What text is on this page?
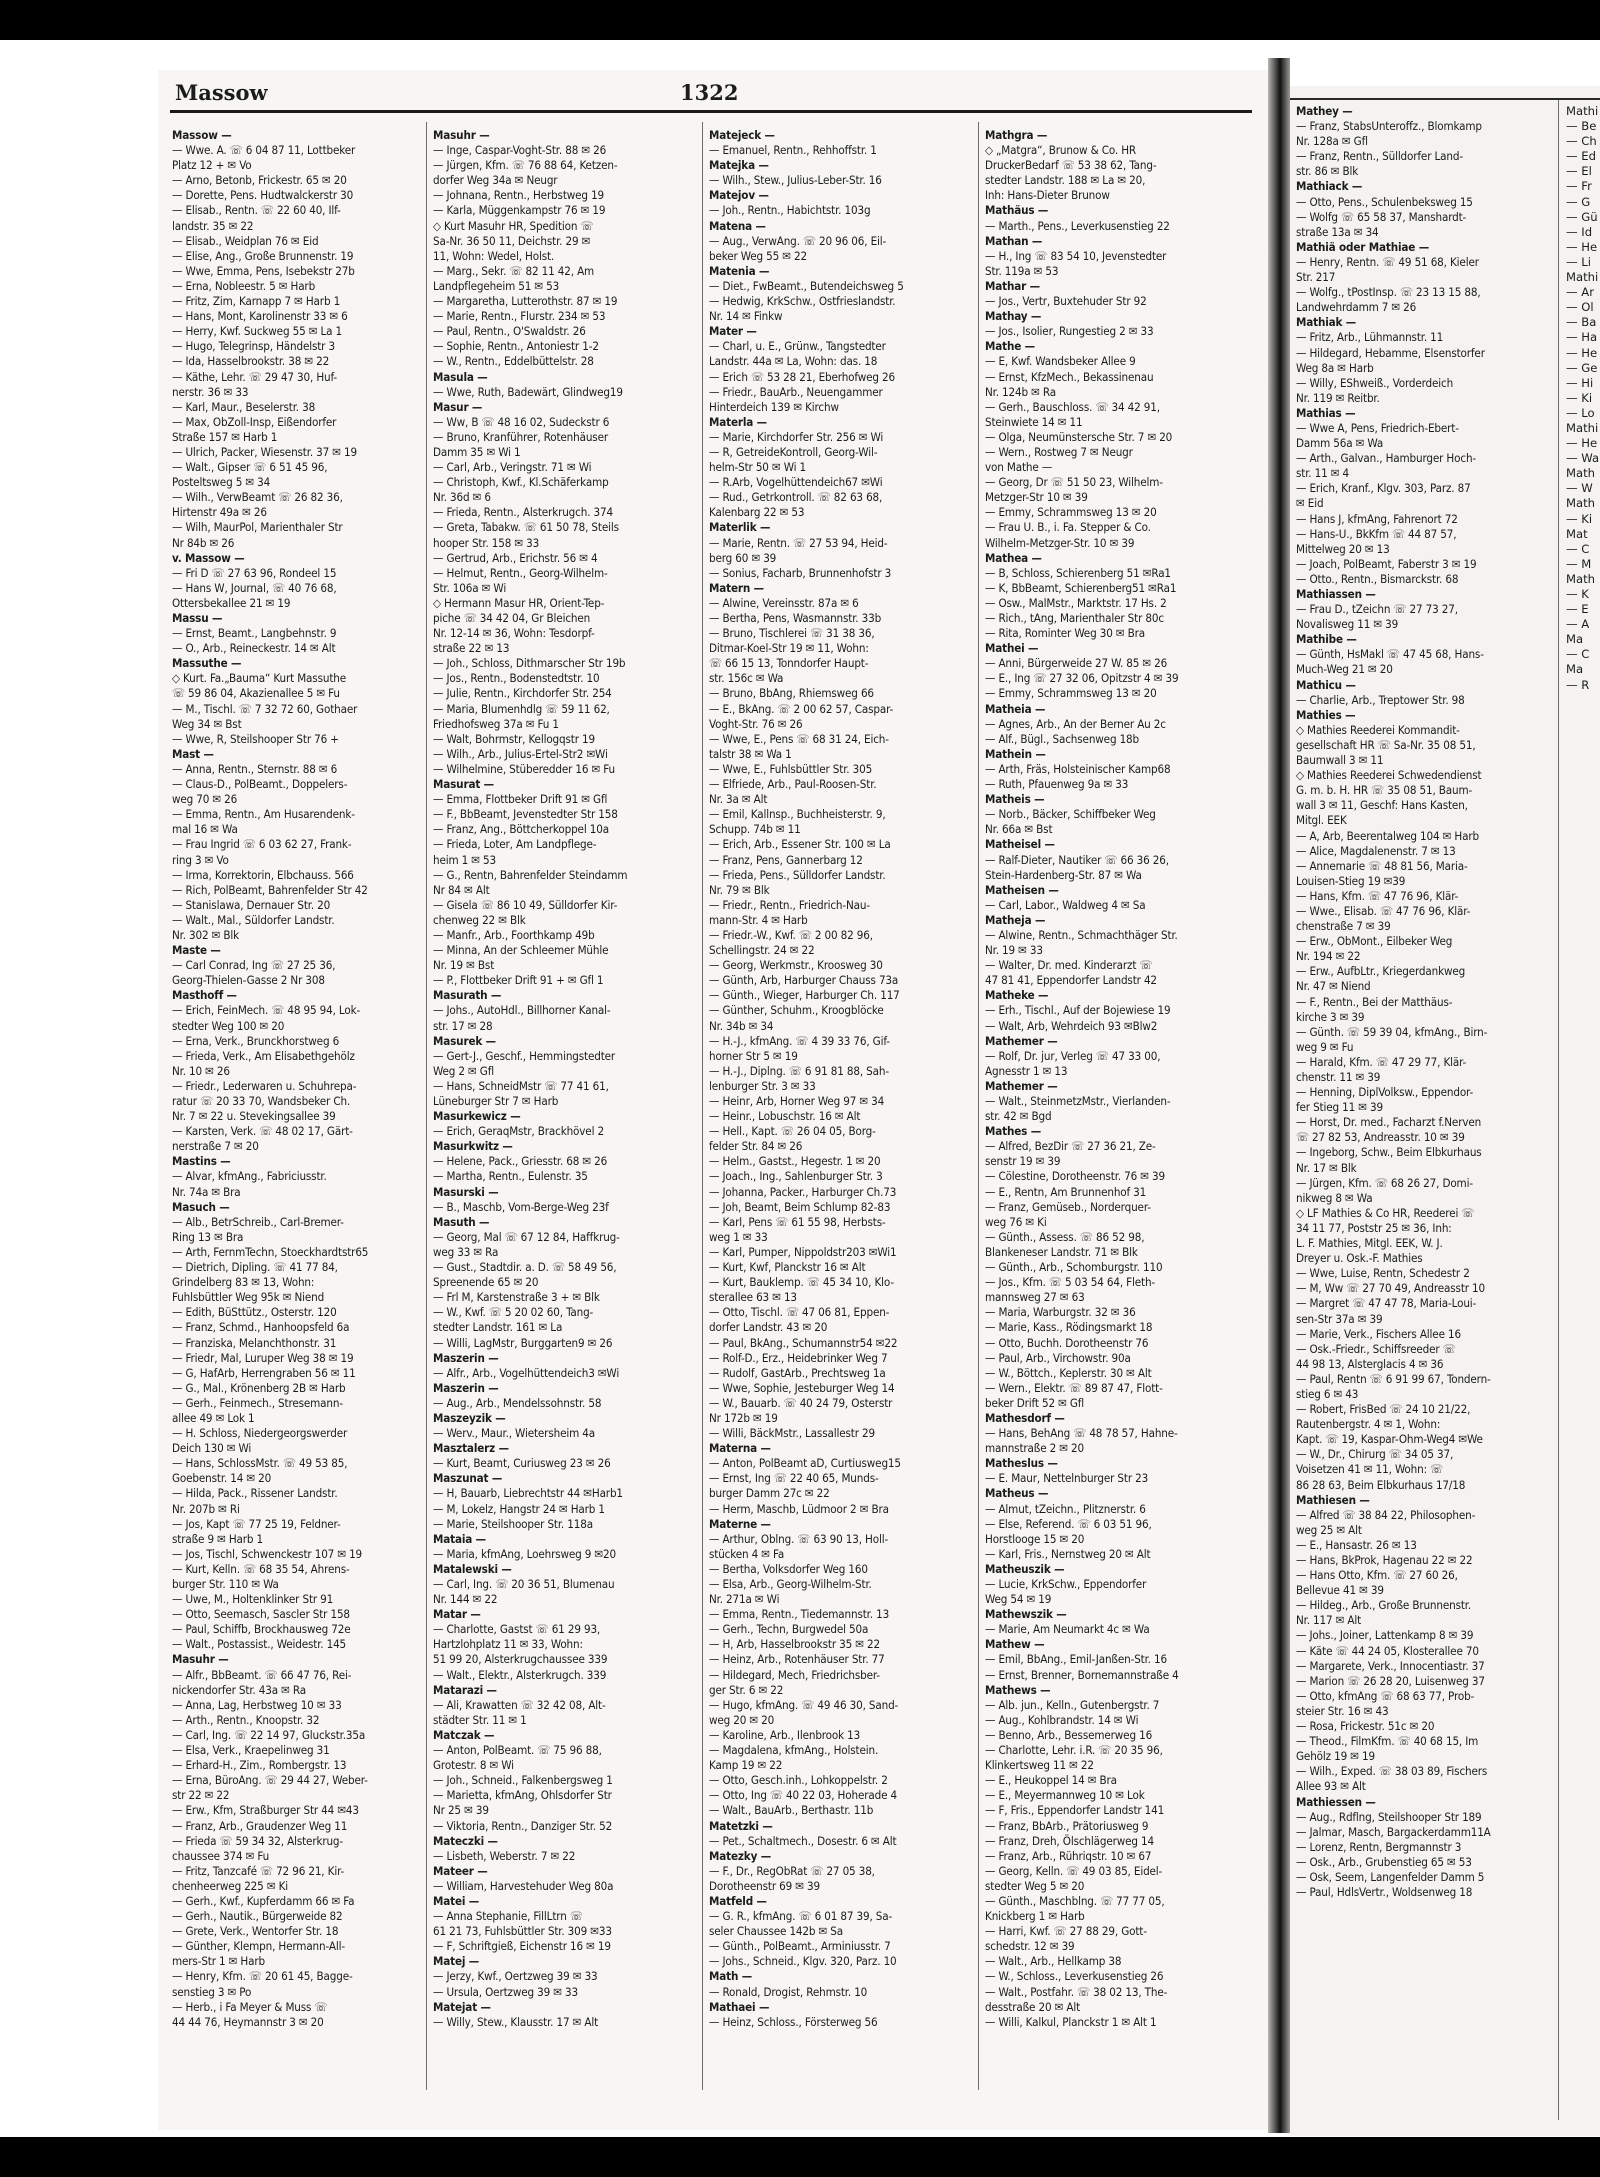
Massow	1322
Massow —
— Wwe. A. ☏ 6 04 87 11, Lottbeker
Platz 12 + ✉ Vo
— Arno, Betonb, Frickestr. 65 ✉ 20
— Dorette, Pens. Hudtwalckerstr 30
— Elisab., Rentn. ☏ 22 60 40, Ilf-
landstr. 35 ✉ 22
— Elisab., Weidplan 76 ✉ Eid
— Elise, Ang., Große Brunnenstr. 19
— Wwe, Emma, Pens, Isebekstr 27b
— Erna, Nobleestr. 5 ✉ Harb
— Fritz, Zim, Karnapp 7 ✉ Harb 1
— Hans, Mont, Karolinenstr 33 ✉ 6
— Herry, Kwf. Suckweg 55 ✉ La 1
— Hugo, Telegrinsp, Händelstr 3
— Ida, Hasselbrookstr. 38 ✉ 22
— Käthe, Lehr. ☏ 29 47 30, Huf-
nerstr. 36 ✉ 33
— Karl, Maur., Beselerstr. 38
— Max, ObZoll-Insp, Eißendorfer
Straße 157 ✉ Harb 1
— Ulrich, Packer, Wiesenstr. 37 ✉ 19
— Walt., Gipser ☏ 6 51 45 96,
Posteltsweg 5 ✉ 34
— Wilh., VerwBeamt ☏ 26 82 36,
Hirtenstr 49a ✉ 26
— Wilh, MaurPol, Marienthaler Str
Nr 84b ✉ 26
v. Massow —
— Fri D ☏ 27 63 96, Rondeel 15
— Hans W, Journal, ☏ 40 76 68,
Ottersbekallee 21 ✉ 19
Massu —
— Ernst, Beamt., Langbehnstr. 9
— O., Arb., Reineckestr. 14 ✉ Alt
Massuthe —
◇ Kurt. Fa.„Bauma“ Kurt Massuthe
☏ 59 86 04, Akazienallee 5 ✉ Fu
— M., Tischl. ☏ 7 32 72 60, Gothaer
Weg 34 ✉ Bst
— Wwe, R, Steilshooper Str 76 +
Mast —
— Anna, Rentn., Sternstr. 88 ✉ 6
— Claus-D., PolBeamt., Doppelers-
weg 70 ✉ 26
— Emma, Rentn., Am Husarendenk-
mal 16 ✉ Wa
— Frau Ingrid ☏ 6 03 62 27, Frank-
ring 3 ✉ Vo
— Irma, Korrektorin, Elbchauss. 566
— Rich, PolBeamt, Bahrenfelder Str 42
— Stanislawa, Dernauer Str. 20
— Walt., Mal., Süldorfer Landstr.
Nr. 302 ✉ Blk
Maste —
— Carl Conrad, Ing ☏ 27 25 36,
Georg-Thielen-Gasse 2 Nr 308
Masthoff —
— Erich, FeinMech. ☏ 48 95 94, Lok-
stedter Weg 100 ✉ 20
— Erna, Verk., Brunckhorstweg 6
— Frieda, Verk., Am Elisabethgehölz
Nr. 10 ✉ 26
— Friedr., Lederwaren u. Schuhrepa-
ratur ☏ 20 33 70, Wandsbeker Ch.
Nr. 7 ✉ 22 u. Stevekingsallee 39
— Karsten, Verk. ☏ 48 02 17, Gärt-
nerstraße 7 ✉ 20
Mastins —
— Alvar, kfmAng., Fabriciusstr.
Nr. 74a ✉ Bra
Masuch —
— Alb., BetrSchreib., Carl-Bremer-
Ring 13 ✉ Bra
— Arth, FernmTechn, Stoeckhardtstr65
— Dietrich, Dipling. ☏ 41 77 84,
Grindelberg 83 ✉ 13, Wohn:
Fuhlsbüttler Weg 95k ✉ Niend
— Edith, BüSttütz., Osterstr. 120
— Franz, Schmd., Hanhoopsfeld 6a
— Franziska, Melanchthonstr. 31
— Friedr, Mal, Luruper Weg 38 ✉ 19
— G, HafArb, Herrengraben 56 ✉ 11
— G., Mal., Krönenberg 2B ✉ Harb
— Gerh., Feinmech., Stresemann-
allee 49 ✉ Lok 1
— H. Schloss, Niedergeorgswerder
Deich 130 ✉ Wi
— Hans, SchlossMstr. ☏ 49 53 85,
Goebenstr. 14 ✉ 20
— Hilda, Pack., Rissener Landstr.
Nr. 207b ✉ Ri
— Jos, Kapt ☏ 77 25 19, Feldner-
straße 9 ✉ Harb 1
— Jos, Tischl, Schwenckestr 107 ✉ 19
— Kurt, Kelln. ☏ 68 35 54, Ahrens-
burger Str. 110 ✉ Wa
— Uwe, M., Holtenklinker Str 91
— Otto, Seemasch, Sascler Str 158
— Paul, Schiffb, Brockhausweg 72e
— Walt., Postassist., Weidestr. 145
Masuhr —
— Alfr., BbBeamt. ☏ 66 47 76, Rei-
nickendorfer Str. 43a ✉ Ra
— Anna, Lag, Herbstweg 10 ✉ 33
— Arth., Rentn., Knoopstr. 32
— Carl, Ing. ☏ 22 14 97, Gluckstr.35a
— Elsa, Verk., Kraepelinweg 31
— Erhard-H., Zim., Rombergstr. 13
— Erna, BüroAng. ☏ 29 44 27, Weber-
str 22 ✉ 22
— Erw., Kfm, Straßburger Str 44 ✉43
— Franz, Arb., Graudenzer Weg 11
— Frieda ☏ 59 34 32, Alsterkrug-
chaussee 374 ✉ Fu
— Fritz, Tanzcafé ☏ 72 96 21, Kir-
chenheerweg 225 ✉ Ki
— Gerh., Kwf., Kupferdamm 66 ✉ Fa
— Gerh., Nautik., Bürgerweide 82
— Grete, Verk., Wentorfer Str. 18
— Günther, Klempn, Hermann-All-
mers-Str 1 ✉ Harb
— Henry, Kfm. ☏ 20 61 45, Bagge-
senstieg 3 ✉ Po
— Herb., i Fa Meyer & Muss ☏
44 44 76, Heymannstr 3 ✉ 20
Masuhr —
— Inge, Caspar-Voght-Str. 88 ✉ 26
— Jürgen, Kfm. ☏ 76 88 64, Ketzen-
dorfer Weg 34a ✉ Neugr
— Johnana, Rentn., Herbstweg 19
— Karla, Müggenkampstr 76 ✉ 19
◇ Kurt Masuhr HR, Spedition ☏
Sa-Nr. 36 50 11, Deichstr. 29 ✉
11, Wohn: Wedel, Holst.
— Marg., Sekr. ☏ 82 11 42, Am
Landpflegeheim 51 ✉ 53
— Margaretha, Lutterothstr. 87 ✉ 19
— Marie, Rentn., Flurstr. 234 ✉ 53
— Paul, Rentn., O'Swaldstr. 26
— Sophie, Rentn., Antoniestr 1-2
— W., Rentn., Eddelbüttelstr. 28
Masula —
— Wwe, Ruth, Badewärt, Glindweg19
Masur —
— Ww, B ☏ 48 16 02, Sudeckstr 6
— Bruno, Kranführer, Rotenhäuser
Damm 35 ✉ Wi 1
— Carl, Arb., Veringstr. 71 ✉ Wi
— Christoph, Kwf., Kl.Schäferkamp
Nr. 36d ✉ 6
— Frieda, Rentn., Alsterkrugch. 374
— Greta, Tabakw. ☏ 61 50 78, Steils
hooper Str. 158 ✉ 33
— Gertrud, Arb., Erichstr. 56 ✉ 4
— Helmut, Rentn., Georg-Wilhelm-
Str. 106a ✉ Wi
◇ Hermann Masur HR, Orient-Tep-
piche ☏ 34 42 04, Gr Bleichen
Nr. 12-14 ✉ 36, Wohn: Tesdorpf-
straße 22 ✉ 13
— Joh., Schloss, Dithmarscher Str 19b
— Jos., Rentn., Bodenstedtstr. 10
— Julie, Rentn., Kirchdorfer Str. 254
— Maria, Blumenhdlg ☏ 59 11 62,
Friedhofsweg 37a ✉ Fu 1
— Walt, Bohrmstr, Kellogqstr 19
— Wilh., Arb., Julius-Ertel-Str2 ✉Wi
— Wilhelmine, Stüberedder 16 ✉ Fu
Masurat —
— Emma, Flottbeker Drift 91 ✉ Gfl
— F., BbBeamt, Jevenstedter Str 158
— Franz, Ang., Böttcherkoppel 10a
— Frieda, Loter, Am Landpflege-
heim 1 ✉ 53
— G., Rentn, Bahrenfelder Steindamm
Nr 84 ✉ Alt
— Gisela ☏ 86 10 49, Sülldorfer Kir-
chenweg 22 ✉ Blk
— Manfr., Arb., Foorthkamp 49b
— Minna, An der Schleemer Mühle
Nr. 19 ✉ Bst
— P., Flottbeker Drift 91 + ✉ Gfl 1
Masurath —
— Johs., AutoHdl., Billhorner Kanal-
str. 17 ✉ 28
Masurek —
— Gert-J., Geschf., Hemmingstedter
Weg 2 ✉ Gfl
— Hans, SchneidMstr ☏ 77 41 61,
Lüneburger Str 7 ✉ Harb
Masurkewicz —
— Erich, GeraqMstr, Brackhövel 2
Masurkwitz —
— Helene, Pack., Griesstr. 68 ✉ 26
— Martha, Rentn., Eulenstr. 35
Masurski —
— B., Maschb, Vom-Berge-Weg 23f
Masuth —
— Georg, Mal ☏ 67 12 84, Haffkrug-
weg 33 ✉ Ra
— Gust., Stadtdir. a. D. ☏ 58 49 56,
Spreenende 65 ✉ 20
— Frl M, Karstenstraße 3 + ✉ Blk
— W., Kwf. ☏ 5 20 02 60, Tang-
stedter Landstr. 161 ✉ La
— Willi, LagMstr, Burggarten9 ✉ 26
Maszerin —
— Alfr., Arb., Vogelhüttendeich3 ✉Wi
Maszerin —
— Aug., Arb., Mendelssohnstr. 58
Maszeyzik —
— Werv., Maur., Wietersheim 4a
Masztalerz —
— Kurt, Beamt, Curiusweg 23 ✉ 26
Maszunat —
— H, Bauarb, Liebrechtstr 44 ✉Harb1
— M, Lokelz, Hangstr 24 ✉ Harb 1
— Marie, Steilshooper Str. 118a
Mataia —
— Maria, kfmAng, Loehrsweg 9 ✉20
Matalewski —
— Carl, Ing. ☏ 20 36 51, Blumenau
Nr. 144 ✉ 22
Matar —
— Charlotte, Gastst ☏ 61 29 93,
Hartzlohplatz 11 ✉ 33, Wohn:
51 99 20, Alsterkrugchaussee 339
— Walt., Elektr., Alsterkrugch. 339
Matarazi —
— Ali, Krawatten ☏ 32 42 08, Alt-
städter Str. 11 ✉ 1
Matczak —
— Anton, PolBeamt. ☏ 75 96 88,
Grotestr. 8 ✉ Wi
— Joh., Schneid., Falkenbergsweg 1
— Marietta, kfmAng, Ohlsdorfer Str
Nr 25 ✉ 39
— Viktoria, Rentn., Danziger Str. 52
Mateczki —
— Lisbeth, Weberstr. 7 ✉ 22
Mateer —
— William, Harvestehuder Weg 80a
Matei —
— Anna Stephanie, FillLtrn ☏
61 21 73, Fuhlsbüttler Str. 309 ✉33
— F, Schriftgieß, Eichenstr 16 ✉ 19
Matej —
— Jerzy, Kwf., Oertzweg 39 ✉ 33
— Ursula, Oertzweg 39 ✉ 33
Matejat —
— Willy, Stew., Klausstr. 17 ✉ Alt
Matejeck —
— Emanuel, Rentn., Rehhoffstr. 1
Matejka —
— Wilh., Stew., Julius-Leber-Str. 16
Matejov —
— Joh., Rentn., Habichtstr. 103g
Matena —
— Aug., VerwAng. ☏ 20 96 06, Eil-
beker Weg 55 ✉ 22
Matenia —
— Diet., FwBeamt., Butendeichsweg 5
— Hedwig, KrkSchw., Ostfrieslandstr.
Nr. 14 ✉ Finkw
Mater —
— Charl, u. E., Grünw., Tangstedter
Landstr. 44a ✉ La, Wohn: das. 18
— Erich ☏ 53 28 21, Eberhofweg 26
— Friedr., BauArb., Neuengammer
Hinterdeich 139 ✉ Kirchw
Materla —
— Marie, Kirchdorfer Str. 256 ✉ Wi
— R, GetreideKontroll, Georg-Wil-
helm-Str 50 ✉ Wi 1
— R.Arb, Vogelhüttendeich67 ✉Wi
— Rud., Getrkontroll. ☏ 82 63 68,
Kalenbarg 22 ✉ 53
Materlik —
— Marie, Rentn. ☏ 27 53 94, Heid-
berg 60 ✉ 39
— Sonius, Facharb, Brunnenhofstr 3
Matern —
— Alwine, Vereinsstr. 87a ✉ 6
— Bertha, Pens, Wasmannstr. 33b
— Bruno, Tischlerei ☏ 31 38 36,
Ditmar-Koel-Str 19 ✉ 11, Wohn:
☏ 66 15 13, Tonndorfer Haupt-
str. 156c ✉ Wa
— Bruno, BbAng, Rhiemsweg 66
— E., BkAng. ☏ 2 00 62 57, Caspar-
Voght-Str. 76 ✉ 26
— Wwe, E., Pens ☏ 68 31 24, Eich-
talstr 38 ✉ Wa 1
— Wwe, E., Fuhlsbüttler Str. 305
— Elfriede, Arb., Paul-Roosen-Str.
Nr. 3a ✉ Alt
— Emil, Kallnsp., Buchheisterstr. 9,
Schupp. 74b ✉ 11
— Erich, Arb., Essener Str. 100 ✉ La
— Franz, Pens, Gannerbarg 12
— Frieda, Pens., Sülldorfer Landstr.
Nr. 79 ✉ Blk
— Friedr., Rentn., Friedrich-Nau-
mann-Str. 4 ✉ Harb
— Friedr.-W., Kwf. ☏ 2 00 82 96,
Schellingstr. 24 ✉ 22
— Georg, Werkmstr., Kroosweg 30
— Günth, Arb, Harburger Chauss 73a
— Günth., Wieger, Harburger Ch. 117
— Günther, Schuhm., Kroogblöcke
Nr. 34b ✉ 34
— H.-J., kfmAng. ☏ 4 39 33 76, Gif-
horner Str 5 ✉ 19
— H.-J., Diplng. ☏ 6 91 81 88, Sah-
lenburger Str. 3 ✉ 33
— Heinr, Arb, Horner Weg 97 ✉ 34
— Heinr., Lobuschstr. 16 ✉ Alt
— Hell., Kapt. ☏ 26 04 05, Borg-
felder Str. 84 ✉ 26
— Helm., Gastst., Hegestr. 1 ✉ 20
— Joach., Ing., Sahlenburger Str. 3
— Johanna, Packer., Harburger Ch.73
— Joh, Beamt, Beim Schlump 82-83
— Karl, Pens ☏ 61 55 98, Herbsts-
weg 1 ✉ 33
— Karl, Pumper, Nippoldstr203 ✉Wi1
— Kurt, Kwf, Planckstr 16 ✉ Alt
— Kurt, Bauklemp. ☏ 45 34 10, Klo-
sterallee 63 ✉ 13
— Otto, Tischl. ☏ 47 06 81, Eppen-
dorfer Landstr. 43 ✉ 20
— Paul, BkAng., Schumannstr54 ✉22
— Rolf-D., Erz., Heidebrinker Weg 7
— Rudolf, GastArb., Prechtsweg 1a
— Wwe, Sophie, Jesteburger Weg 14
— W., Bauarb. ☏ 40 24 79, Osterstr
Nr 172b ✉ 19
— Willi, BäckMstr., Lassallestr 29
Materna —
— Anton, PolBeamt aD, Curtiusweg15
— Ernst, Ing ☏ 22 40 65, Munds-
burger Damm 27c ✉ 22
— Herm, Maschb, Lüdmoor 2 ✉ Bra
Materne —
— Arthur, Oblng. ☏ 63 90 13, Holl-
stücken 4 ✉ Fa
— Bertha, Volksdorfer Weg 160
— Elsa, Arb., Georg-Wilhelm-Str.
Nr. 271a ✉ Wi
— Emma, Rentn., Tiedemannstr. 13
— Gerh., Techn, Burgwedel 50a
— H, Arb, Hasselbrookstr 35 ✉ 22
— Heinz, Arb., Rotenhäuser Str. 77
— Hildegard, Mech, Friedrichsber-
ger Str. 6 ✉ 22
— Hugo, kfmAng. ☏ 49 46 30, Sand-
weg 20 ✉ 20
— Karoline, Arb., Ilenbrook 13
— Magdalena, kfmAng., Holstein.
Kamp 19 ✉ 22
— Otto, Gesch.inh., Lohkoppelstr. 2
— Otto, Ing ☏ 40 22 03, Hoherade 4
— Walt., BauArb., Berthastr. 11b
Matetzki —
— Pet., Schaltmech., Dosestr. 6 ✉ Alt
Matezky —
— F., Dr., RegObRat ☏ 27 05 38,
Dorotheenstr 69 ✉ 39
Matfeld —
— G. R., kfmAng. ☏ 6 01 87 39, Sa-
seler Chaussee 142b ✉ Sa
— Günth., PolBeamt., Arminiusstr. 7
— Johs., Schneid., Klgv. 320, Parz. 10
Math —
— Ronald, Drogist, Rehmstr. 10
Mathaei —
— Heinz, Schloss., Försterweg 56
Mathgra —
◇ „Matgra“, Brunow & Co. HR
DruckerBedarf ☏ 53 38 62, Tang-
stedter Landstr. 188 ✉ La ✉ 20,
Inh: Hans-Dieter Brunow
Mathäus —
— Marth., Pens., Leverkusenstieg 22
Mathan —
— H., Ing ☏ 83 54 10, Jevenstedter
Str. 119a ✉ 53
Mathar —
— Jos., Vertr, Buxtehuder Str 92
Mathay —
— Jos., Isolier, Rungestieg 2 ✉ 33
Mathe —
— E, Kwf. Wandsbeker Allee 9
— Ernst, KfzMech., Bekassinenau
Nr. 124b ✉ Ra
— Gerh., Bauschloss. ☏ 34 42 91,
Steinwiete 14 ✉ 11
— Olga, Neumünstersche Str. 7 ✉ 20
— Wern., Rostweg 7 ✉ Neugr
von Mathe —
— Georg, Dr ☏ 51 50 23, Wilhelm-
Metzger-Str 10 ✉ 39
— Emmy, Schrammsweg 13 ✉ 20
— Frau U. B., i. Fa. Stepper & Co.
Wilhelm-Metzger-Str. 10 ✉ 39
Mathea —
— B, Schloss, Schierenberg 51 ✉Ra1
— K, BbBeamt, Schierenberg51 ✉Ra1
— Osw., MalMstr., Marktstr. 17 Hs. 2
— Rich., tAng, Marienthaler Str 80c
— Rita, Rominter Weg 30 ✉ Bra
Mathei —
— Anni, Bürgerweide 27 W. 85 ✉ 26
— E., Ing ☏ 27 32 06, Opitzstr 4 ✉ 39
— Emmy, Schrammsweg 13 ✉ 20
Matheia —
— Agnes, Arb., An der Berner Au 2c
— Alf., Bügl., Sachsenweg 18b
Mathein —
— Arth, Fräs, Holsteinischer Kamp68
— Ruth, Pfauenweg 9a ✉ 33
Matheis —
— Norb., Bäcker, Schiffbeker Weg
Nr. 66a ✉ Bst
Matheisel —
— Ralf-Dieter, Nautiker ☏ 66 36 26,
Stein-Hardenberg-Str. 87 ✉ Wa
Matheisen —
— Carl, Labor., Waldweg 4 ✉ Sa
Matheja —
— Alwine, Rentn., Schmachthäger Str.
Nr. 19 ✉ 33
— Walter, Dr. med. Kinderarzt ☏
47 81 41, Eppendorfer Landstr 42
Matheke —
— Erh., Tischl., Auf der Bojewiese 19
— Walt, Arb, Wehrdeich 93 ✉Blw2
Mathemer —
— Rolf, Dr. jur, Verleg ☏ 47 33 00,
Agnesstr 1 ✉ 13
Mathemer —
— Walt., SteinmetzMstr., Vierlanden-
str. 42 ✉ Bgd
Mathes —
— Alfred, BezDir ☏ 27 36 21, Ze-
senstr 19 ✉ 39
— Cölestine, Dorotheenstr. 76 ✉ 39
— E., Rentn, Am Brunnenhof 31
— Franz, Gemüseb., Norderquer-
weg 76 ✉ Ki
— Günth., Assess. ☏ 86 52 98,
Blankeneser Landstr. 71 ✉ Blk
— Günth., Arb., Schomburgstr. 110
— Jos., Kfm. ☏ 5 03 54 64, Fleth-
mannsweg 27 ✉ 63
— Maria, Warburgstr. 32 ✉ 36
— Marie, Kass., Rödingsmarkt 18
— Otto, Buchh. Dorotheenstr 76
— Paul, Arb., Virchowstr. 90a
— W., Böttch., Keplerstr. 30 ✉ Alt
— Wern., Elektr. ☏ 89 87 47, Flott-
beker Drift 52 ✉ Gfl
Mathesdorf —
— Hans, BehAng ☏ 48 78 57, Hahne-
mannstraße 2 ✉ 20
Matheslus —
— E. Maur, Nettelnburger Str 23
Matheus —
— Almut, tZeichn., Plitznerstr. 6
— Else, Referend. ☏ 6 03 51 96,
Horstlooge 15 ✉ 20
— Karl, Fris., Nernstweg 20 ✉ Alt
Matheuszik —
— Lucie, KrkSchw., Eppendorfer
Weg 54 ✉ 19
Mathewszik —
— Marie, Am Neumarkt 4c ✉ Wa
Mathew —
— Emil, BbAng., Emil-Janßen-Str. 16
— Ernst, Brenner, Bornemannstraße 4
Mathews —
— Alb. jun., Kelln., Gutenbergstr. 7
— Aug., Kohlbrandstr. 14 ✉ Wi
— Benno, Arb., Bessemerweg 16
— Charlotte, Lehr. i.R. ☏ 20 35 96,
Klinkertsweg 11 ✉ 22
— E., Heukoppel 14 ✉ Bra
— E., Meyermannweg 10 ✉ Lok
— F, Fris., Eppendorfer Landstr 141
— Franz, BbArb., Prätoriusweg 9
— Franz, Dreh, Ölschlägerweg 14
— Franz, Arb., Rühriqstr. 10 ✉ 67
— Georg, Kelln. ☏ 49 03 85, Eidel-
stedter Weg 5 ✉ 20
— Günth., Maschblng. ☏ 77 77 05,
Knickberg 1 ✉ Harb
— Harri, Kwf. ☏ 27 88 29, Gott-
schedstr. 12 ✉ 39
— Walt., Arb., Hellkamp 38
— W., Schloss., Leverkusenstieg 26
— Walt., Postfahr. ☏ 38 02 13, The-
desstraße 20 ✉ Alt
— Willi, Kalkul, Planckstr 1 ✉ Alt 1
Mathey —
— Franz, StabsUnteroffz., Blomkamp
Nr. 128a ✉ Gfl
— Franz, Rentn., Sülldorfer Land-
str. 86 ✉ Blk
Mathiack —
— Otto, Pens., Schulenbeksweg 15
— Wolfg ☏ 65 58 37, Manshardt-
straße 13a ✉ 34
Mathiä oder Mathiae —
— Henry, Rentn. ☏ 49 51 68, Kieler
Str. 217
— Wolfg., tPostInsp. ☏ 23 13 15 88,
Landwehrdamm 7 ✉ 26
Mathiak —
— Fritz, Arb., Lühmannstr. 11
— Hildegard, Hebamme, Elsenstorfer
Weg 8a ✉ Harb
— Willy, EShweiß., Vorderdeich
Nr. 119 ✉ Reitbr.
Mathias —
— Wwe A, Pens, Friedrich-Ebert-
Damm 56a ✉ Wa
— Arth., Galvan., Hamburger Hoch-
str. 11 ✉ 4
— Erich, Kranf., Klgv. 303, Parz. 87
✉ Eid
— Hans J, kfmAng, Fahrenort 72
— Hans-U., BkKfm ☏ 44 87 57,
Mittelweg 20 ✉ 13
— Joach, PolBeamt, Faberstr 3 ✉ 19
— Otto., Rentn., Bismarckstr. 68
Mathiassen —
— Frau D., tZeichn ☏ 27 73 27,
Novalisweg 11 ✉ 39
Mathibe —
— Günth, HsMakl ☏ 47 45 68, Hans-
Much-Weg 21 ✉ 20
Mathicu —
— Charlie, Arb., Treptower Str. 98
Mathies —
◇ Mathies Reederei Kommandit-
gesellschaft HR ☏ Sa-Nr. 35 08 51,
Baumwall 3 ✉ 11
◇ Mathies Reederei Schwedendienst
G. m. b. H. HR ☏ 35 08 51, Baum-
wall 3 ✉ 11, Geschf: Hans Kasten,
Mitgl. EEK
— A, Arb, Beerentalweg 104 ✉ Harb
— Alice, Magdalenenstr. 7 ✉ 13
— Annemarie ☏ 48 81 56, Maria-
Louisen-Stieg 19 ✉39
— Hans, Kfm. ☏ 47 76 96, Klär-
— Wwe., Elisab. ☏ 47 76 96, Klär-
chenstraße 7 ✉ 39
— Erw., ObMont., Eilbeker Weg
Nr. 194 ✉ 22
— Erw., AufbLtr., Kriegerdankweg
Nr. 47 ✉ Niend
— F., Rentn., Bei der Matthäus-
kirche 3 ✉ 39
— Günth. ☏ 59 39 04, kfmAng., Birn-
weg 9 ✉ Fu
— Harald, Kfm. ☏ 47 29 77, Klär-
chenstr. 11 ✉ 39
— Henning, DiplVolksw., Eppendor-
fer Stieg 11 ✉ 39
— Horst, Dr. med., Facharzt f.Nerven
☏ 27 82 53, Andreasstr. 10 ✉ 39
— Ingeborg, Schw., Beim Elbkurhaus
Nr. 17 ✉ Blk
— Jürgen, Kfm. ☏ 68 26 27, Domi-
nikweg 8 ✉ Wa
◇ LF Mathies & Co HR, Reederei ☏
34 11 77, Poststr 25 ✉ 36, Inh:
L. F. Mathies, Mitgl. EEK, W. J.
Dreyer u. Osk.-F. Mathies
— Wwe, Luise, Rentn, Schedestr 2
— M, Ww ☏ 27 70 49, Andreasstr 10
— Margret ☏ 47 47 78, Maria-Loui-
sen-Str 37a ✉ 39
— Marie, Verk., Fischers Allee 16
— Osk.-Friedr., Schiffsreeder ☏
44 98 13, Alsterglacis 4 ✉ 36
— Paul, Rentn ☏ 6 91 99 67, Tondern-
stieg 6 ✉ 43
— Robert, FrisBed ☏ 24 10 21/22,
Rautenbergstr. 4 ✉ 1, Wohn:
Kapt. ☏ 19, Kaspar-Ohm-Weg4 ✉We
— W., Dr., Chirurg ☏ 34 05 37,
Voisetzen 41 ✉ 11, Wohn: ☏
86 28 63, Beim Elbkurhaus 17/18
Mathiesen —
— Alfred ☏ 38 84 22, Philosophen-
weg 25 ✉ Alt
— E., Hansastr. 26 ✉ 13
— Hans, BkProk, Hagenau 22 ✉ 22
— Hans Otto, Kfm. ☏ 27 60 26,
Bellevue 41 ✉ 39
— Hildeg., Arb., Große Brunnenstr.
Nr. 117 ✉ Alt
— Johs., Joiner, Lattenkamp 8 ✉ 39
— Käte ☏ 44 24 05, Klosterallee 70
— Margarete, Verk., Innocentiastr. 37
— Marion ☏ 26 28 20, Luisenweg 37
— Otto, kfmAng ☏ 68 63 77, Prob-
steier Str. 16 ✉ 43
— Rosa, Frickestr. 51c ✉ 20
— Theod., FilmKfm. ☏ 40 68 15, Im
Gehölz 19 ✉ 19
— Wilh., Exped. ☏ 38 03 89, Fischers
Allee 93 ✉ Alt
Mathiessen —
— Aug., Rdflng, Steilshooper Str 189
— Jalmar, Masch, Bargackerdamm11A
— Lorenz, Rentn, Bergmannstr 3
— Osk., Arb., Grubenstieg 65 ✉ 53
— Osk, Seem, Langenfelder Damm 5
— Paul, HdlsVertr., Woldsenweg 18
Mathi
— Be
— Ch
— Ed
— El
— Fr
— G
— Gü
— Id
— He
— Li
Mathi
— Ar
— Ol
— Ba
— Ha
— He
— Ge
— Hi
— Ki
— Lo
Mathi
— He
— Wa
Math
— W
Math
— Ki
Mat
— C
— M
Math
— K
— E
— A
Ma
— C
Ma
— R
